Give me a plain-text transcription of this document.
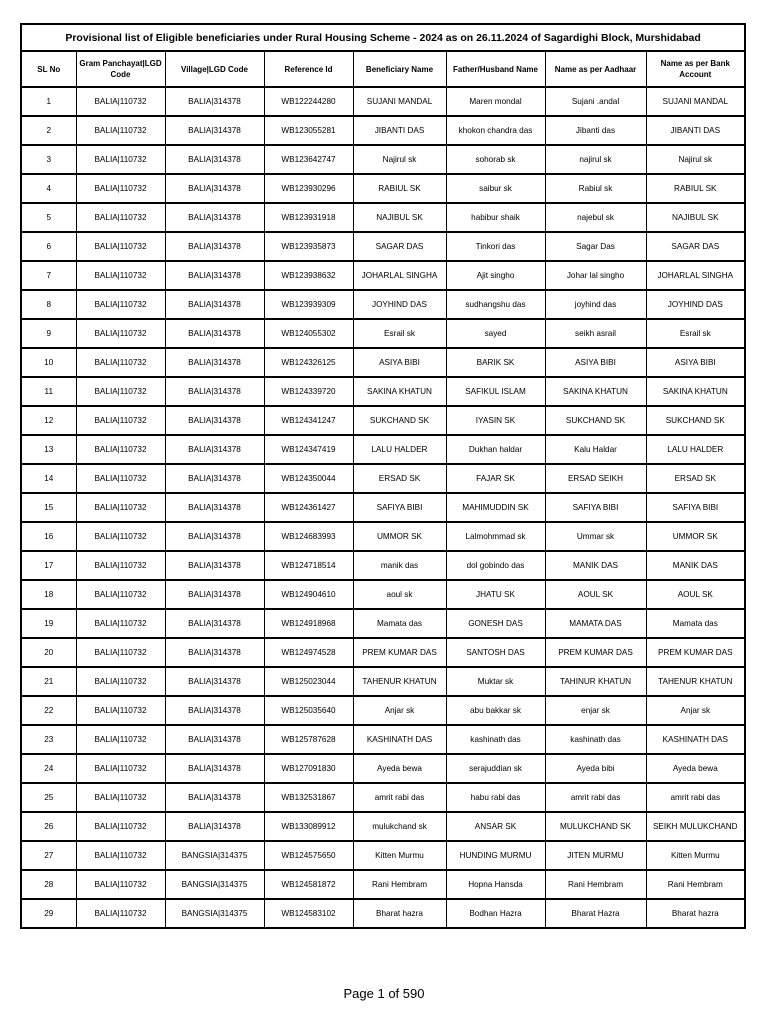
Provisional list of Eligible beneficiaries under Rural Housing Scheme - 2024 as on 26.11.2024 of Sagardighi Block, Murshidabad							
SL No	Gram Panchayat|LGD Code	Village|LGD Code	Reference Id	Beneficiary Name	Father/Husband Name	Name as per Aadhaar	Name as per Bank Account
1	BALIA|110732	BALIA|314378	WB122244280	SUJANI MANDAL	Maren mondal	Sujani .andal	SUJANI MANDAL
2	BALIA|110732	BALIA|314378	WB123055281	JIBANTI DAS	khokon chandra das	Jibanti das	JIBANTI DAS
3	BALIA|110732	BALIA|314378	WB123642747	Najirul sk	sohorab sk	najirul sk	Najirul sk
4	BALIA|110732	BALIA|314378	WB123930296	RABIUL SK	saibur sk	Rabiul sk	RABIUL SK
5	BALIA|110732	BALIA|314378	WB123931918	NAJIBUL SK	habibur shaik	najebul sk	NAJIBUL SK
6	BALIA|110732	BALIA|314378	WB123935873	SAGAR DAS	Tinkori das	Sagar Das	SAGAR DAS
7	BALIA|110732	BALIA|314378	WB123938632	JOHARLAL SINGHA	Ajit singho	Johar lal singho	JOHARLAL SINGHA
8	BALIA|110732	BALIA|314378	WB123939309	JOYHIND DAS	sudhangshu das	joyhind das	JOYHIND DAS
9	BALIA|110732	BALIA|314378	WB124055302	Esrail sk	sayed	seikh asrail	Esrail sk
10	BALIA|110732	BALIA|314378	WB124326125	ASIYA BIBI	BARIK SK	ASIYA BIBI	ASIYA BIBI
11	BALIA|110732	BALIA|314378	WB124339720	SAKINA KHATUN	SAFIKUL ISLAM	SAKINA KHATUN	SAKINA KHATUN
12	BALIA|110732	BALIA|314378	WB124341247	SUKCHAND SK	IYASIN SK	SUKCHAND SK	SUKCHAND SK
13	BALIA|110732	BALIA|314378	WB124347419	LALU HALDER	Dukhan haldar	Kalu Haldar	LALU HALDER
14	BALIA|110732	BALIA|314378	WB124350044	ERSAD SK	FAJAR SK	ERSAD SEIKH	ERSAD SK
15	BALIA|110732	BALIA|314378	WB124361427	SAFIYA BIBI	MAHIMUDDIN SK	SAFIYA BIBI	SAFIYA BIBI
16	BALIA|110732	BALIA|314378	WB124683993	UMMOR SK	Lalmohmmad sk	Ummar sk	UMMOR SK
17	BALIA|110732	BALIA|314378	WB124718514	manik das	dol gobindo das	MANIK DAS	MANIK DAS
18	BALIA|110732	BALIA|314378	WB124904610	aoul sk	JHATU SK	AOUL SK	AOUL SK
19	BALIA|110732	BALIA|314378	WB124918968	Mamata das	GONESH DAS	MAMATA DAS	Mamata das
20	BALIA|110732	BALIA|314378	WB124974528	PREM KUMAR DAS	SANTOSH DAS	PREM KUMAR DAS	PREM KUMAR DAS
21	BALIA|110732	BALIA|314378	WB125023044	TAHENUR KHATUN	Muktar sk	TAHINUR KHATUN	TAHENUR KHATUN
22	BALIA|110732	BALIA|314378	WB125035640	Anjar sk	abu bakkar sk	enjar sk	Anjar sk
23	BALIA|110732	BALIA|314378	WB125787628	KASHINATH DAS	kashinath das	kashinath das	KASHINATH DAS
24	BALIA|110732	BALIA|314378	WB127091830	Ayeda bewa	serajuddian sk	Ayeda bibi	Ayeda bewa
25	BALIA|110732	BALIA|314378	WB132531867	amrit rabi das	habu rabi das	amrit rabi das	amrit rabi das
26	BALIA|110732	BALIA|314378	WB133089912	mulukchand sk	ANSAR SK	MULUKCHAND SK	SEIKH MULUKCHAND
27	BALIA|110732	BANGSIA|314375	WB124575650	Kitten Murmu	HUNDING MURMU	JITEN MURMU	Kitten Murmu
28	BALIA|110732	BANGSIA|314375	WB124581872	Rani Hembram	Hopna Hansda	Rani Hembram	Rani Hembram
29	BALIA|110732	BANGSIA|314375	WB124583102	Bharat hazra	Bodhan Hazra	Bharat Hazra	Bharat hazra
Page 1 of 590
